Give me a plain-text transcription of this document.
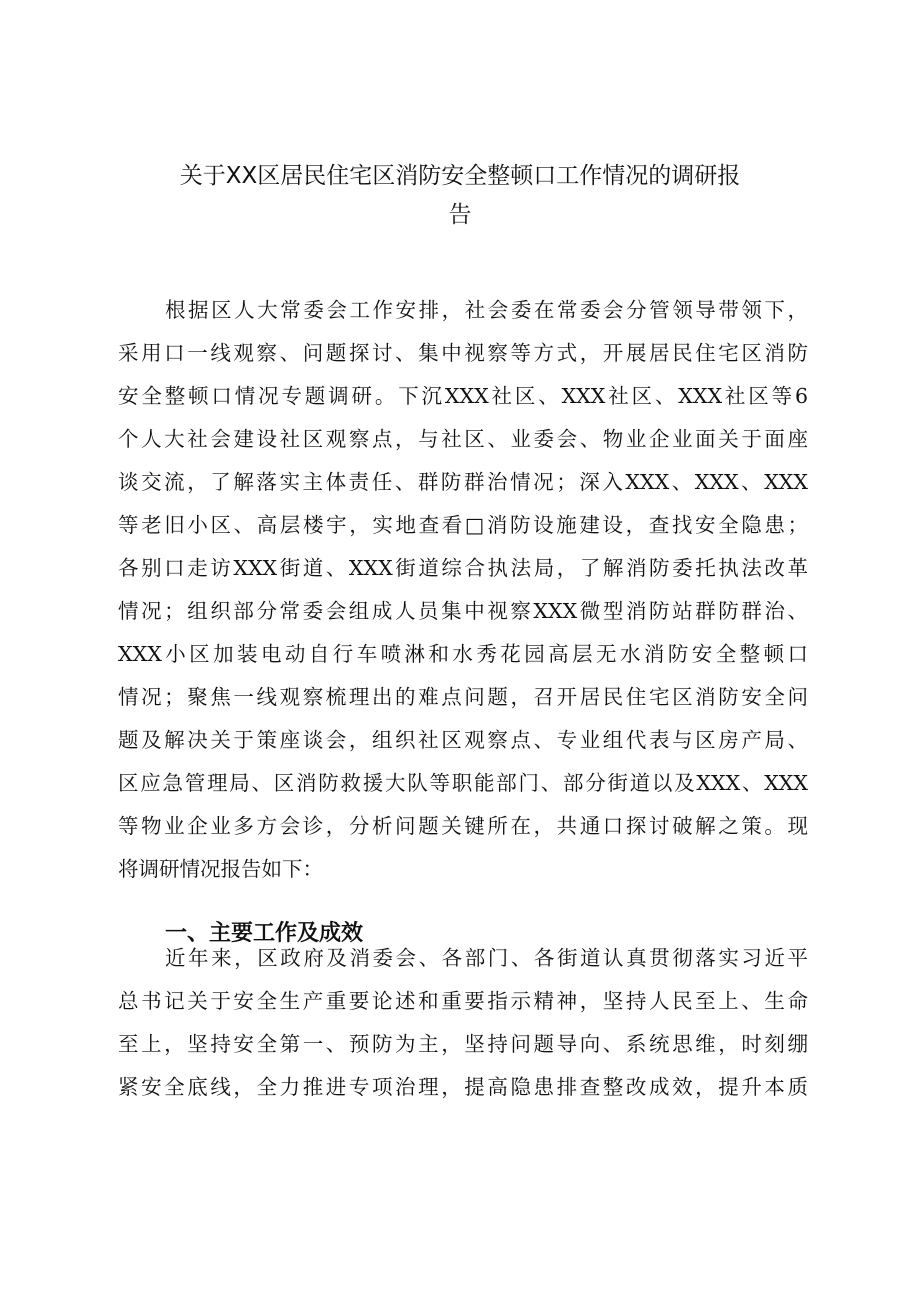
关于XX区居民住宅区消防安全整顿口工作情况的调研报
告
根据区人大常委会工作安排，社会委在常委会分管领导带领下，
采用口一线观察、问题探讨、集中视察等方式，开展居民住宅区消防
安全整顿口情况专题调研。下沉XXX社区、XXX社区、XXX社区等6
个人大社会建设社区观察点，与社区、业委会、物业企业面关于面座
谈交流，了解落实主体责任、群防群治情况；深入XXX、XXX、XXX
等老旧小区、高层楼宇，实地查看□消防设施建设，查找安全隐患；
各别口走访XXX街道、XXX街道综合执法局，了解消防委托执法改革
情况；组织部分常委会组成人员集中视察XXX微型消防站群防群治、
XXX小区加装电动自行车喷淋和水秀花园高层无水消防安全整顿口
情况；聚焦一线观察梳理出的难点问题，召开居民住宅区消防安全问
题及解决关于策座谈会，组织社区观察点、专业组代表与区房产局、
区应急管理局、区消防救援大队等职能部门、部分街道以及XXX、XXX
等物业企业多方会诊，分析问题关键所在，共通口探讨破解之策。现
将调研情况报告如下：
一、主要工作及成效
近年来，区政府及消委会、各部门、各街道认真贯彻落实习近平
总书记关于安全生产重要论述和重要指示精神，坚持人民至上、生命
至上，坚持安全第一、预防为主，坚持问题导向、系统思维，时刻绷
紧安全底线，全力推进专项治理，提高隐患排查整改成效，提升本质
